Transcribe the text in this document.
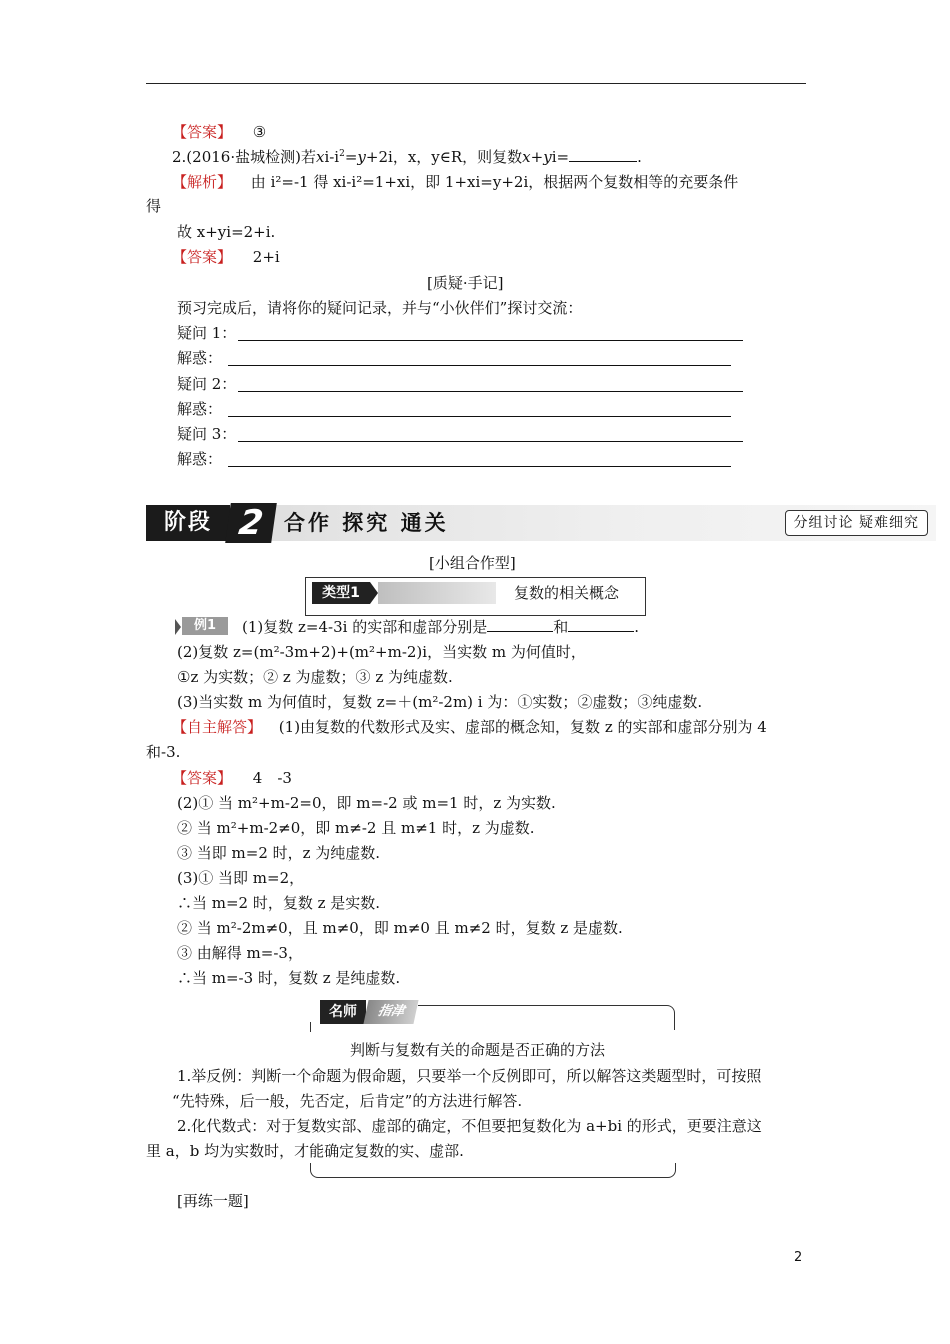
【答案】 ③
2.(2016·盐城检测)若$xi-i^2=y+2i$，x，y∈R，则复数x+yi=	.
【解析】 由 i²=-1 得 xi-i²=1+xi，即 1+xi=y+2i，根据两个复数相等的充要条件
得
故 x+yi=2+i.
【答案】 2+i
[质疑·手记]
预习完成后，请将你的疑问记录，并与“小伙伴们”探讨交流：
疑问 1：
解惑：
疑问 2：
解惑：
疑问 3：
解惑：
阶段 2 合作 探究 通关	分组讨论 疑难细究
[小组合作型]
类型1	复数的相关概念
例1	(1)复数 z=4-3i 的实部和虚部分别是	和	.
(2)复数 z=(m²-3m+2)+(m²+m-2)i，当实数 m 为何值时，
①z 为实数；② z 为虚数；③ z 为纯虚数.
(3)当实数 m 为何值时，复数 z=＋(m²-2m) i 为：①实数；②虚数；③纯虚数.
【自主解答】 (1)由复数的代数形式及实、虚部的概念知，复数 z 的实部和虚部分别为 4
和-3.
【答案】 4　-3
(2)① 当 m²+m-2=0，即 m=-2 或 m=1 时，z 为实数.
② 当 m²+m-2≠0，即 m≠-2 且 m≠1 时，z 为虚数.
③ 当即 m=2 时，z 为纯虚数.
(3)① 当即 m=2，
∴当 m=2 时，复数 z 是实数.
② 当 m²-2m≠0，且 m≠0，即 m≠0 且 m≠2 时，复数 z 是虚数.
③ 由解得 m=-3，
∴当 m=-3 时，复数 z 是纯虚数.
名师	指津
判断与复数有关的命题是否正确的方法
1.举反例：判断一个命题为假命题，只要举一个反例即可，所以解答这类题型时，可按照
“先特殊，后一般，先否定，后肯定”的方法进行解答.
2.化代数式：对于复数实部、虚部的确定，不但要把复数化为 a+bi 的形式，更要注意这
里 a，b 均为实数时，才能确定复数的实、虚部.
[再练一题]
2
